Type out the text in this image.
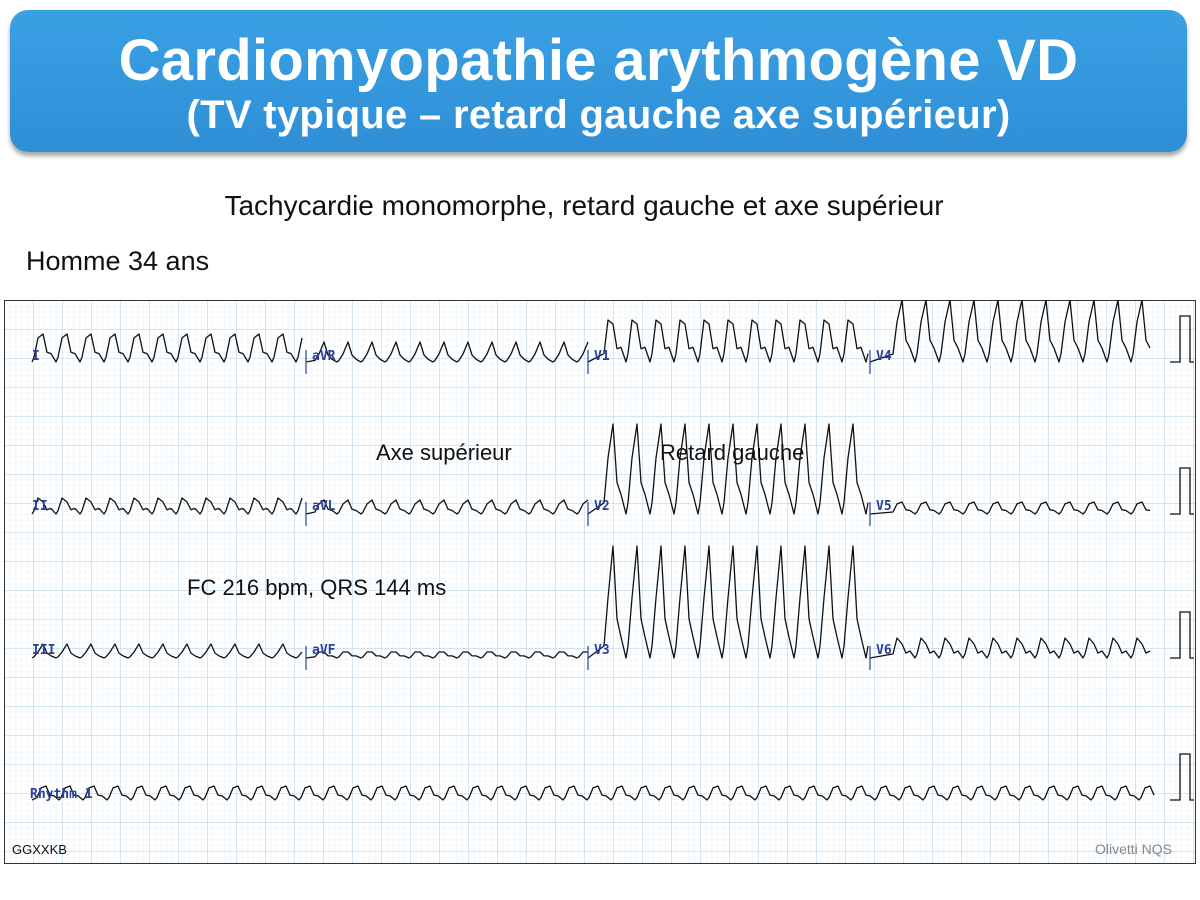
Cardiomyopathie arythmogène VD
(TV typique – retard gauche axe supérieur)
Tachycardie monomorphe, retard gauche et axe supérieur
Homme 34 ans
I	aVR	V1	V4
II	aVL	V2	V5
III	aVF	V3	V6
Rhythm 1
GGXXKB	Olivetti NQS
Axe supérieur	Retard gauche
FC 216 bpm, QRS 144 ms
